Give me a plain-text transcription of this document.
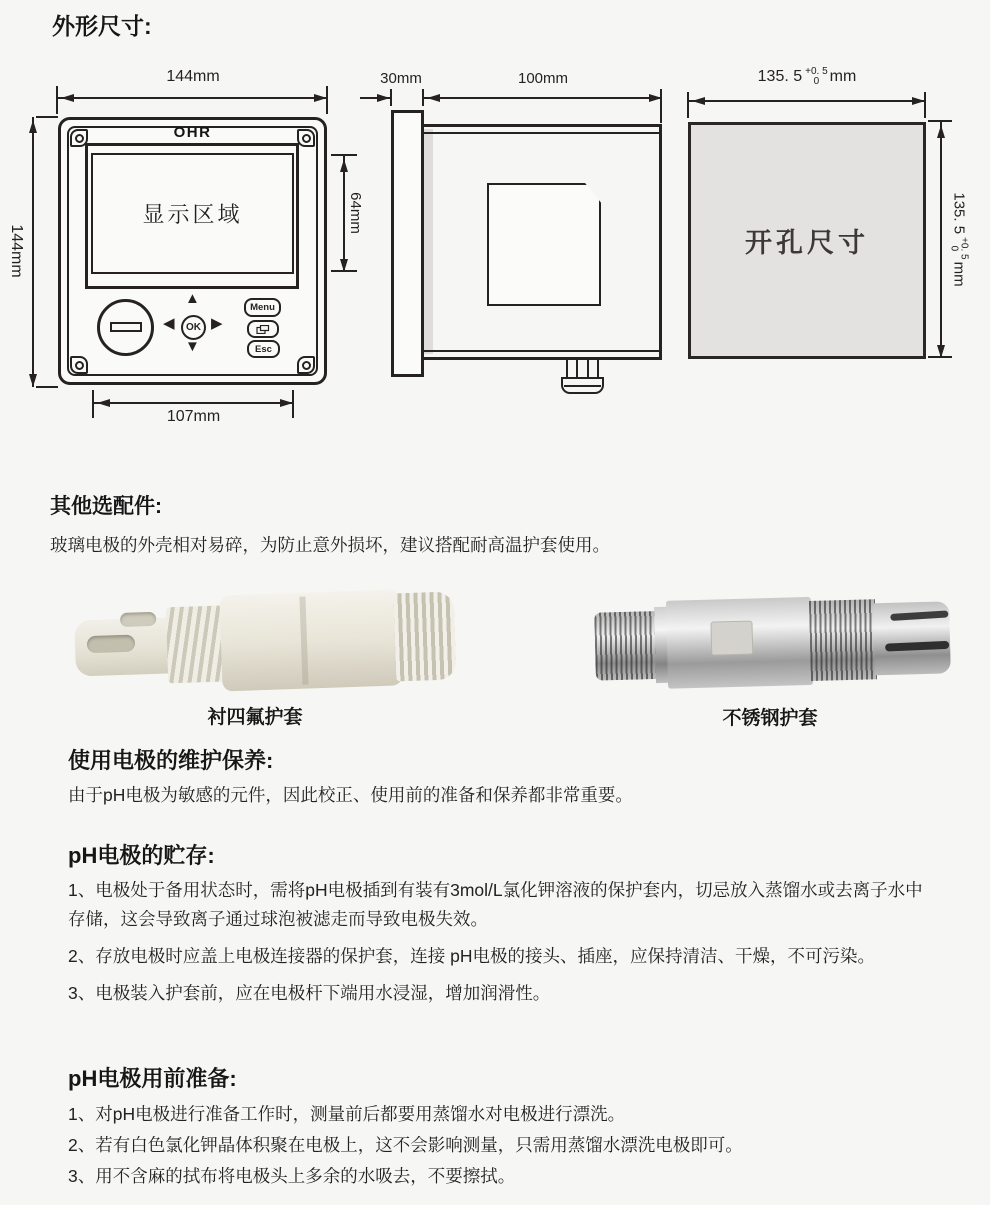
外形尺寸:
144mm
144mm
OHR
显示区域	64mm
▲
▼
◀ ▶
OK
Menu
Esc
107mm
30mm	100mm	135. 5 +0. 5
0 mm
开孔尺寸
135. 5
+0. 5
0
mm
其他选配件:

玻璃电极的外壳相对易碎，为防止意外损坏，建议搭配耐高温护套使用。

衬四氟护套	不锈钢护套
使用电极的维护保养:

由于pH电极为敏感的元件，因此校正、使用前的准备和保养都非常重要。

pH电极的贮存:

1、电极处于备用状态时，需将pH电极插到有装有3mol/L氯化钾溶液的保护套内，切忌放入蒸馏水或去离子水中存储，这会导致离子通过球泡被滤走而导致电极失效。

2、存放电极时应盖上电极连接器的保护套，连接 pH电极的接头、插座，应保持清洁、干燥，不可污染。

3、电极装入护套前，应在电极杆下端用水浸湿，增加润滑性。

pH电极用前准备:

1、对pH电极进行准备工作时，测量前后都要用蒸馏水对电极进行漂洗。

2、若有白色氯化钾晶体积聚在电极上，这不会影响测量，只需用蒸馏水漂洗电极即可。

3、用不含麻的拭布将电极头上多余的水吸去，不要擦拭。
